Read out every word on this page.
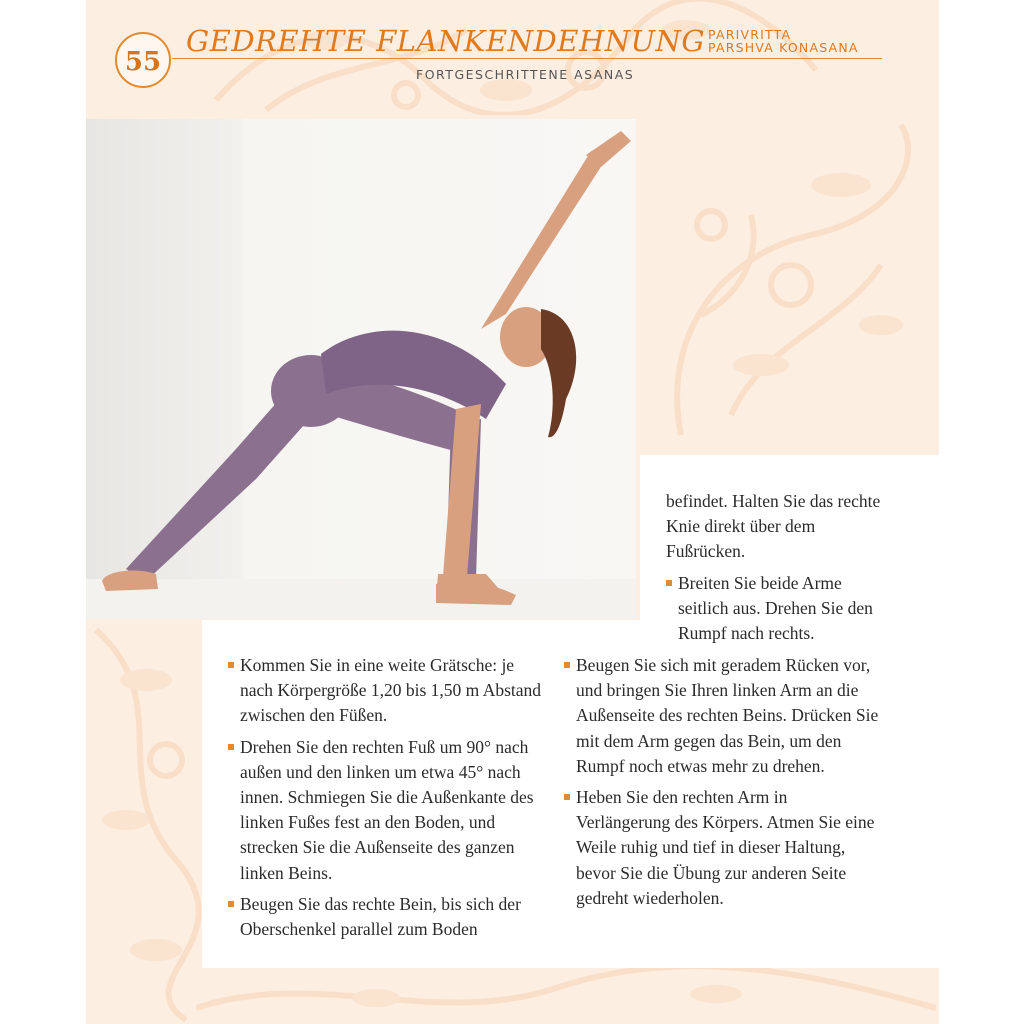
55
GEDREHTE FLANKENDEHNUNG PARIVRITTA
PARSHVA KONASANA
FORTGESCHRITTENE ASANAS

befindet. Halten Sie das rechte Knie direkt über dem Fußrücken.

Breiten Sie beide Arme seitlich aus. Drehen Sie den Rumpf nach rechts.
Kommen Sie in eine weite Grätsche: je nach Körpergröße 1,20 bis 1,50 m Abstand zwischen den Füßen.
Drehen Sie den rechten Fuß um 90° nach außen und den linken um etwa 45° nach innen. Schmiegen Sie die Außenkante des linken Fußes fest an den Boden, und strecken Sie die Außenseite des ganzen linken Beins.
Beugen Sie das rechte Bein, bis sich der Oberschenkel parallel zum Boden
Beugen Sie sich mit geradem Rücken vor, und bringen Sie Ihren linken Arm an die Außenseite des rechten Beins. Drücken Sie mit dem Arm gegen das Bein, um den Rumpf noch etwas mehr zu drehen.
Heben Sie den rechten Arm in Verlängerung des Körpers. Atmen Sie eine Weile ruhig und tief in dieser Haltung, bevor Sie die Übung zur anderen Seite gedreht wiederholen.
